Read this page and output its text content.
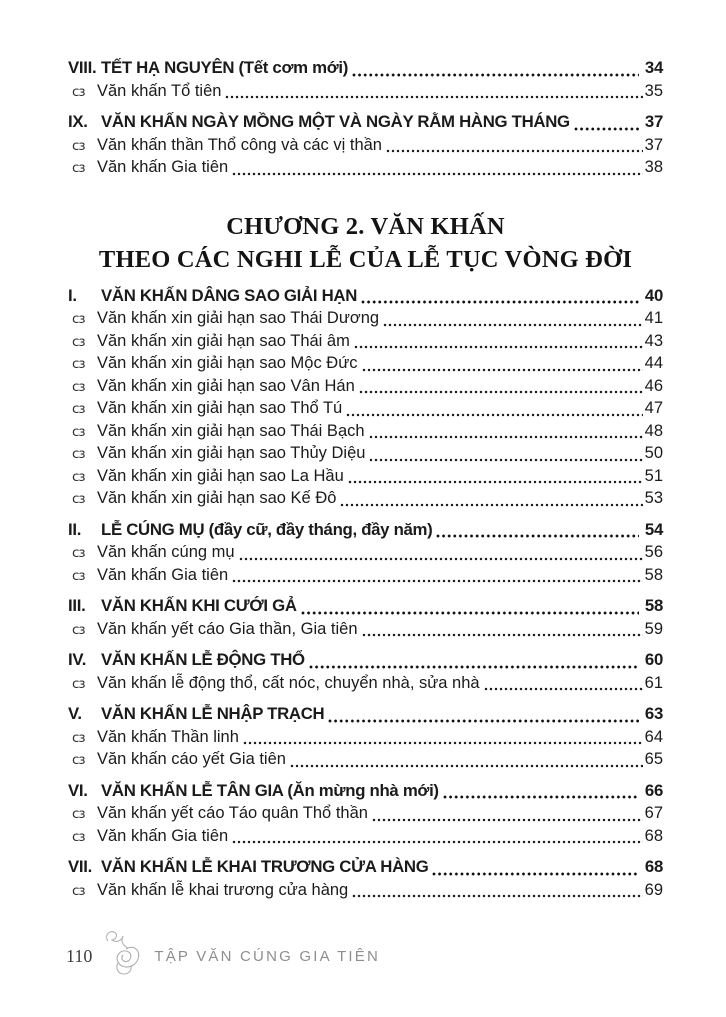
VIII. TẾT HẠ NGUYÊN (Tết cơm mới)	34
cɜ Văn khấn Tổ tiên	35
IX. VĂN KHẤN NGÀY MỒNG MỘT VÀ NGÀY RẰM HÀNG THÁNG	37
cɜ Văn khấn thần Thổ công và các vị thần	37
cɜ Văn khấn Gia tiên	38
CHƯƠNG 2. VĂN KHẤN
THEO CÁC NGHI LỄ CỦA LỄ TỤC VÒNG ĐỜI
I.	VĂN KHẤN DÂNG SAO GIẢI HẠN	40
cɜ Văn khấn xin giải hạn sao Thái Dương	41
cɜ Văn khấn xin giải hạn sao Thái âm	43
cɜ Văn khấn xin giải hạn sao Mộc Đức	44
cɜ Văn khấn xin giải hạn sao Vân Hán	46
cɜ Văn khấn xin giải hạn sao Thổ Tú	47
cɜ Văn khấn xin giải hạn sao Thái Bạch	48
cɜ Văn khấn xin giải hạn sao Thủy Diệu	50
cɜ Văn khấn xin giải hạn sao La Hầu	51
cɜ Văn khấn xin giải hạn sao Kế Đô	53
II.	LỄ CÚNG MỤ (đầy cữ, đầy tháng, đầy năm)	54
cɜ Văn khấn cúng mụ	56
cɜ Văn khấn Gia tiên	58
III. VĂN KHẤN KHI CƯỚI GẢ	58
cɜ Văn khấn yết cáo Gia thần, Gia tiên	59
IV. VĂN KHẤN LỄ ĐỘNG THỔ	60
cɜ Văn khấn lễ động thổ, cất nóc, chuyển nhà, sửa nhà	61
V.	VĂN KHẤN LỄ NHẬP TRẠCH	63
cɜ Văn khấn Thần linh	64
cɜ Văn khấn cáo yết Gia tiên	65
VI. VĂN KHẤN LỄ TÂN GIA (Ăn mừng nhà mới)	66
cɜ Văn khấn yết cáo Táo quân Thổ thần	67
cɜ Văn khấn Gia tiên	68
VII. VĂN KHẤN LỄ KHAI TRƯƠNG CỬA HÀNG	68
cɜ Văn khấn lễ khai trương cửa hàng	69
110	TẬP VĂN CÚNG GIA TIÊN
